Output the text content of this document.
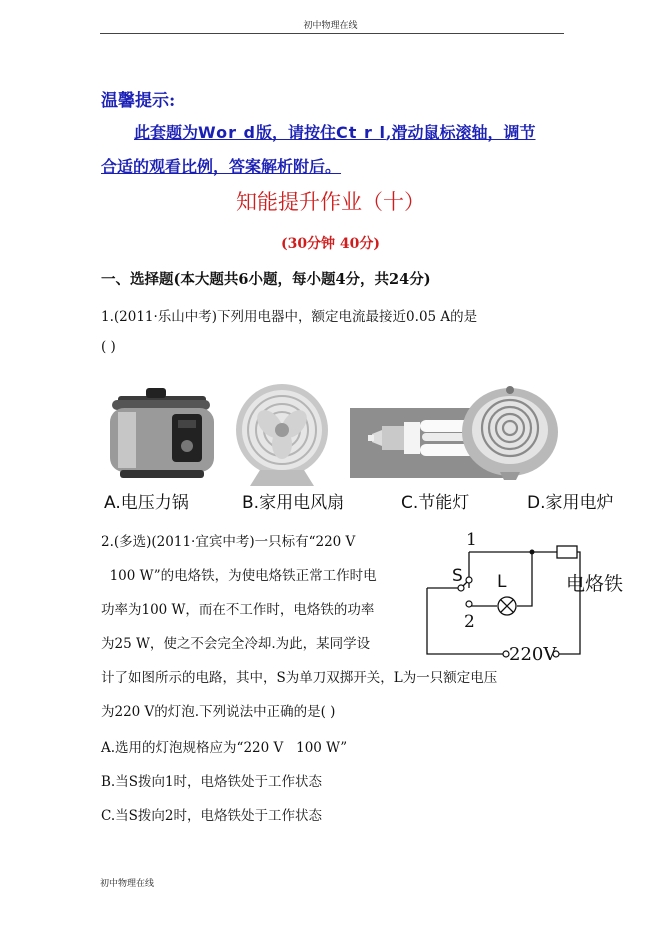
初中物理在线
温馨提示:
此套题为Wor d版，请按住Ct r l,滑动鼠标滚轴，调节
合适的观看比例，答案解析附后。
知能提升作业（十）
(30分钟 40分)
一、选择题(本大题共6小题，每小题4分，共24分)
1.(2011·乐山中考)下列用电器中，额定电流最接近0.05 A的是
( )
A.电压力锅	B.家用电风扇	C.节能灯	D.家用电炉
2.(多选)(2011·宜宾中考)一只标有“220 V
100 W”的电烙铁，为使电烙铁正常工作时电
功率为100 W，而在不工作时，电烙铁的功率
为25 W，使之不会完全冷却.为此，某同学设
计了如图所示的电路，其中，S为单刀双掷开关，L为一只额定电压
为220 V的灯泡.下列说法中正确的是( )
A.选用的灯泡规格应为“220 V   100 W”
B.当S拨向1时，电烙铁处于工作状态
C.当S拨向2时，电烙铁处于工作状态
1
S L
2
电烙铁
220V
初中物理在线
